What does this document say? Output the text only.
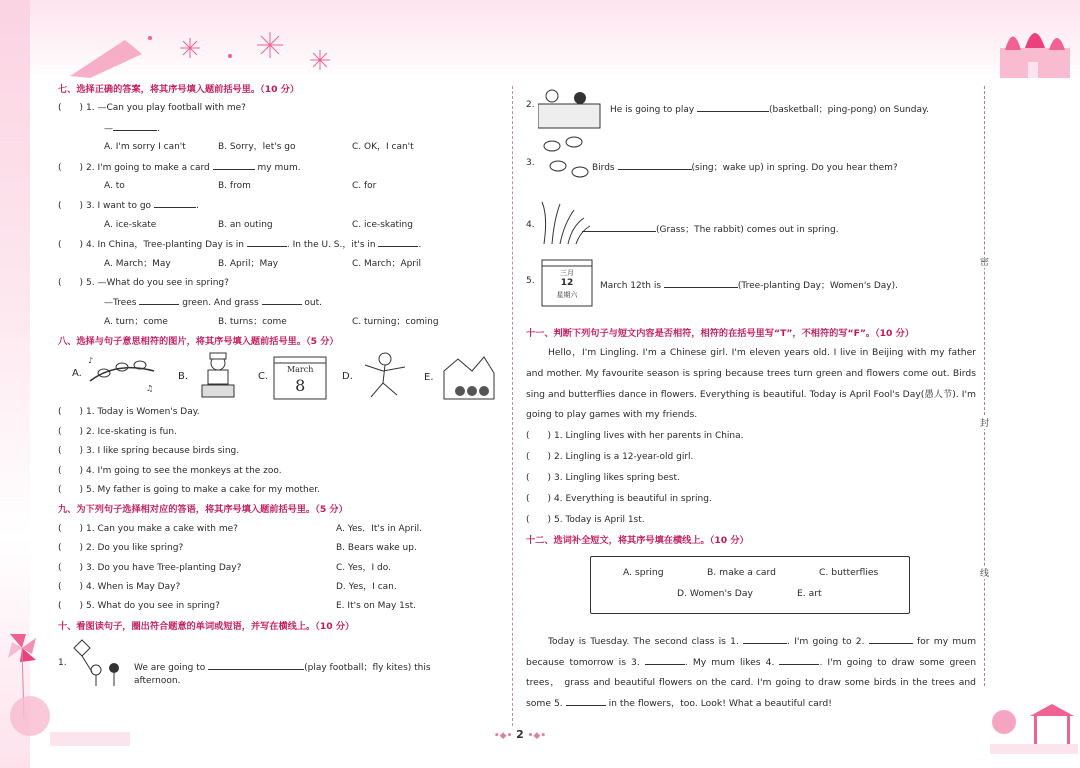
密
封
线
七、选择正确的答案，将其序号填入题前括号里。（10 分）
(　　) 1. —Can you play football with me?
—	.
A. I'm sorry I can't	B. Sorry，let's go	C. OK，I can't
(　　) 2. I'm going to make a card	my mum.
A. to	B. from	C. for
(　　) 3. I want to go	.
A. ice-skate	B. an outing	C. ice-skating
(　　) 4. In China，Tree-planting Day is in	. In the U. S.，it's in	.
A. March；May	B. April；May	C. March；April
(　　) 5. —What do you see in spring?
—Trees	green. And grass	out.
A. turn；come	B. turns；come	C. turning；coming
八、选择与句子意思相符的图片，将其序号填入题前括号里。（5 分）
A.
♪
♫
B.	C.
March
8	D.	E.
(　　) 1. Today is Women's Day.
(　　) 2. Ice-skating is fun.
(　　) 3. I like spring because birds sing.
(　　) 4. I'm going to see the monkeys at the zoo.
(　　) 5. My father is going to make a cake for my mother.
九、为下列句子选择相对应的答语，将其序号填入题前括号里。（5 分）
(　　) 1. Can you make a cake with me?	A. Yes．It's in April.
(　　) 2. Do you like spring?	B. Bears wake up.
(　　) 3. Do you have Tree-planting Day?	C. Yes，I do.
(　　) 4. When is May Day?	D. Yes，I can.
(　　) 5. What do you see in spring?	E. It's on May 1st.
十、看图读句子，圈出符合题意的单词或短语，并写在横线上。（10 分）
1.	We are going to	(play football；fly kites) this
afternoon.
2.	He is going to play	(basketball；ping-pong) on Sunday.
3.	Birds	(sing；wake up) in spring. Do you hear them?
4.	(Grass；The rabbit) comes out in spring.
5.
三月
12
星期六
March 12th is	(Tree-planting Day；Women's Day).
十一、判断下列句子与短文内容是否相符，相符的在括号里写“T”，不相符的写“F”。（10 分）
Hello，I'm Lingling. I'm a Chinese girl. I'm eleven years old. I live in Beijing with my father and mother. My favourite season is spring because trees turn green and flowers come out. Birds sing and butterflies dance in flowers. Everything is beautiful. Today is April Fool's Day(愚人节). I'm going to play games with my friends.
(　　) 1. Lingling lives with her parents in China.
(　　) 2. Lingling is a 12-year-old girl.
(　　) 3. Lingling likes spring best.
(　　) 4. Everything is beautiful in spring.
(　　) 5. Today is April 1st.
十二、选词补全短文，将其序号填在横线上。（10 分）
A. spring	B. make a card	C. butterflies
D. Women's Day	E. art
Today is Tuesday. The second class is 1.	. I'm going to 2.	for my mum because tomorrow is 3.	. My mum likes 4.	. I'm going to draw some green trees， grass and beautiful flowers on the card. I'm going to draw some birds in the trees and some 5.	in the flowers，too. Look! What a beautiful card!
•◆• 2 •◆•
